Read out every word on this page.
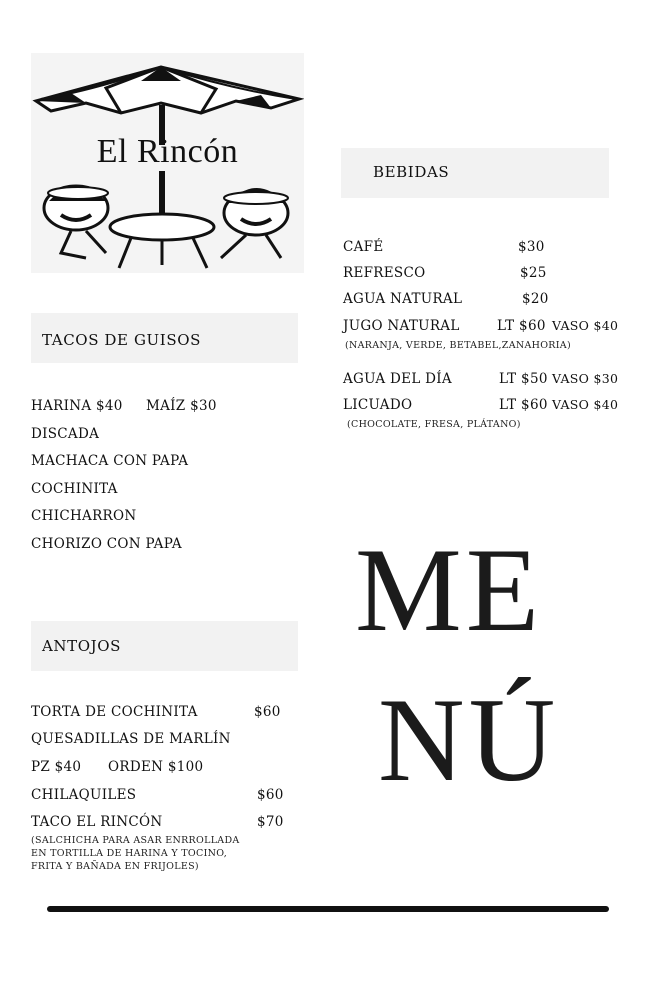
El Rincón
BEBIDAS
CAFÉ	$30
REFRESCO	$25
AGUA NATURAL	$20
JUGO NATURAL	LT $60 VASO $40
(NARANJA, VERDE, BETABEL,ZANAHORIA)
AGUA DEL DÍA	LT $50 VASO $30
LICUADO	LT $60 VASO $40
(CHOCOLATE, FRESA, PLÁTANO)
TACOS DE GUISOS
HARINA $40 MAÍZ $30
DISCADA
MACHACA CON PAPA
COCHINITA
CHICHARRON
CHORIZO CON PAPA
ANTOJOS
TORTA DE COCHINITA	$60
QUESADILLAS DE MARLÍN
PZ $40 ORDEN $100
CHILAQUILES	$60
TACO EL RINCÓN	$70
(SALCHICHA PARA ASAR ENRROLLADA
EN TORTILLA DE HARINA Y TOCINO,
FRITA Y BAÑADA EN FRIJOLES)
ME
NÚ
